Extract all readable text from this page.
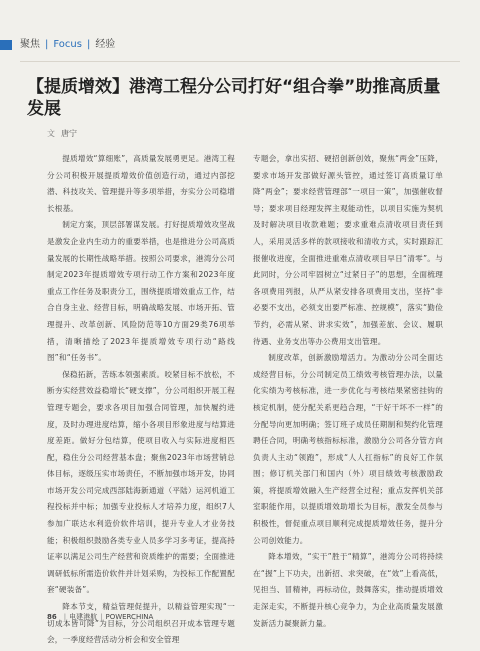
聚焦 | Focus | 经验
【提质增效】港湾工程分公司打好“组合拳”助推高质量发展
文 唐宁

提质增效“算细账”，高质量发展勇更足。港湾工程分公司积极开展提质增效价值创造行动，通过内部挖潜、科技攻关、管理提升等多项举措，夯实分公司稳增长根基。

制定方案，顶层部署谋发展。打好提质增效攻坚战是激发企业内生动力的重要举措，也是推进分公司高质量发展的长期性战略举措。按照公司要求，港湾分公司制定2023年提质增效专项行动工作方案和2023年度重点工作任务及职责分工，围绕提质增效重点工作，结合自身主业、经营目标，明确战略发展、市场开拓、管理提升、改革创新、风险防范等10方面29类76项举措，清晰描绘了2023年提质增效专项行动“路线图”和“任务书”。

保稳拓新，苦练本领强素质。咬紧目标不放松，不断夯实经营效益稳增长“硬支撑”，分公司组织开展工程管理专题会，要求各项目加强合同管理，加快履约进度，及时办理进度结算，缩小各项目形象进度与结算进度差距。做好分包结算，使项目收入与实际进度相匹配，稳住分公司经营基本盘；聚焦2023年市场营销总体目标，逐级压实市场责任，不断加强市场开发，协同市场开发公司完成西部陆海新通道（平陆）运河机道工程投标并中标；加强专业投标人才培养力度，组织7人参加广联达水利造价软件培训，提升专业人才业务技能；积极组织鼓励各类专业人员多学习多考证，提高持证率以满足公司生产经营和资质维护的需要；全面推进调研低标所需造价软件并计划采购，为投标工作配置配套“硬装备”。

降本节支，精益管理促提升，以精益管理实现“一切成本皆可降”为目标，分公司组织召开成本管理专题会，一季度经营活动分析会和安全管理

专题会，拿出实招、硬招创新创效，聚焦“两金”压降，要求市场开发部做好源头管控，通过签订高质量订单降“两金”；要求经营管理部“一项目一策”，加强催收督导；要求项目经理发挥主观能动性，以项目实施为契机及时解决项目收款难题；要求重难点清收项目责任到人，采用灵活多样的款项接收和清收方式，实时跟踪汇报催收进度，全面推进重难点清收项目早日“清零”。与此同时，分公司牢固树立“过紧日子”的思想，全面梳理各项费用列报，从严从紧安排各项费用支出，坚持“非必要不支出，必须支出要严标准、控规模”，落实“勤俭节约，必需从紧、讲求实效”，加强差旅、会议、履职待遇、业务支出等办公费用支出管理。

制度改革，创新激励增活力。为激动分公司全面达成经营目标，分公司制定员工绩效考核管理办法，以量化实绩为考核标准，进一步优化与考核结果紧密挂钩的核定机制，使分配关系更趋合理，“干好干坏不一样”的分配导向更加明确；签订班子成员任期制和契约化管理聘任合同，明确考核指标标准，激励分公司各分管方向负责人主动“领跑”，形成“人人扛指标”的良好工作氛围；修订机关部门和国内（外）项目绩效考核激励政策，将提质增效融入生产经营全过程；重点发挥机关部室职能作用，以提质增效助增长为目标，激发全员参与积极性，督促重点项目顺利完成提质增效任务，提升分公司创效能力。

降本增效，“实干”胜于“精算”，港湾分公司将持续在“握”上下功夫，出新招、求突破，在“效”上看高低，见担当、冒精神，再标动位，鼓舞落实，推动提质增效走深走实，不断提升核心竞争力，为企业高质量发展激发新活力凝聚新力量。

86 | 电建港航 | POWERCHINA
